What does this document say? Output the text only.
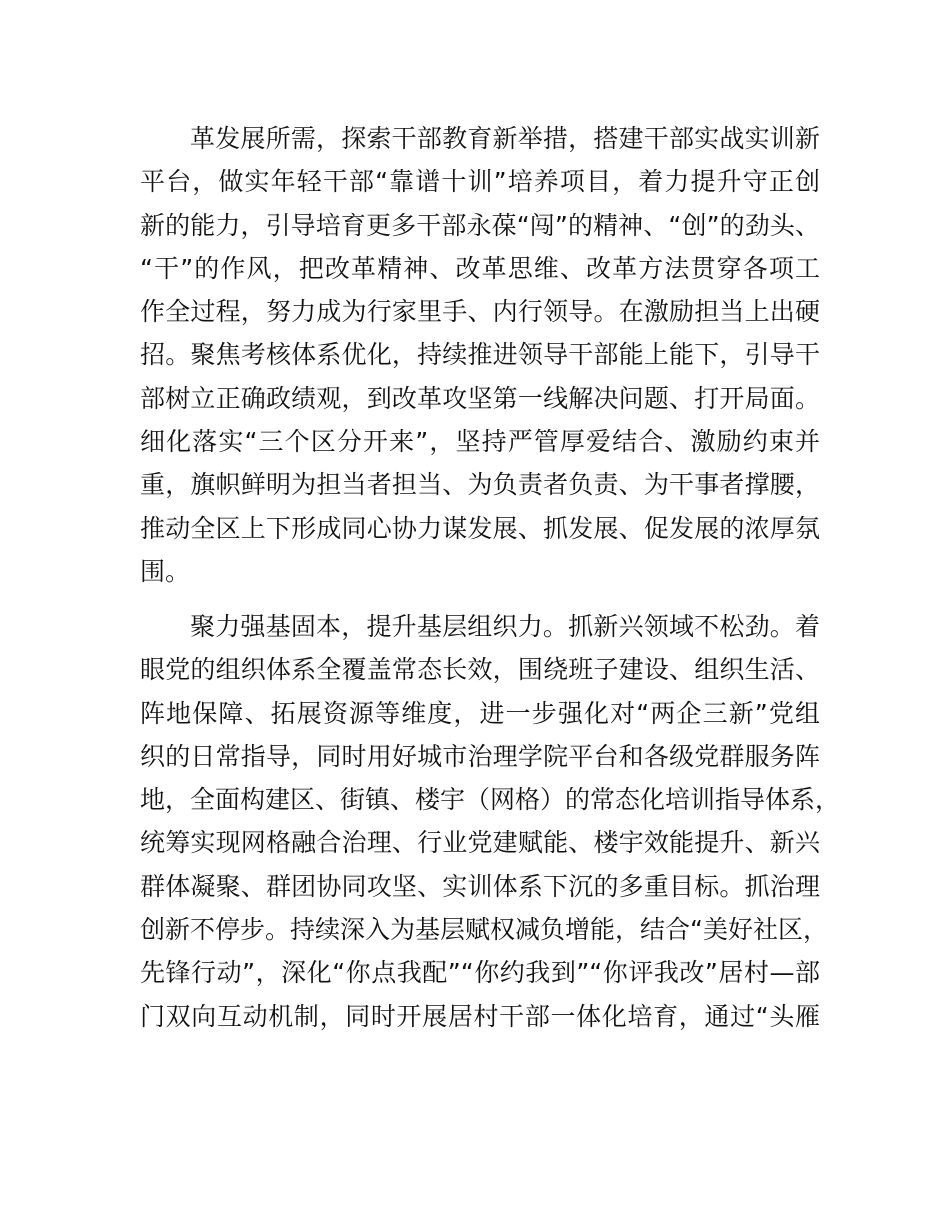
革发展所需，探索干部教育新举措，搭建干部实战实训新
平台，做实年轻干部“靠谱十训”培养项目，着力提升守正创
新的能力，引导培育更多干部永葆“闯”的精神、“创”的劲头、
“干”的作风，把改革精神、改革思维、改革方法贯穿各项工
作全过程，努力成为行家里手、内行领导。在激励担当上出硬
招。聚焦考核体系优化，持续推进领导干部能上能下，引导干
部树立正确政绩观，到改革攻坚第一线解决问题、打开局面。
细化落实“三个区分开来”，坚持严管厚爱结合、激励约束并
重，旗帜鲜明为担当者担当、为负责者负责、为干事者撑腰，
推动全区上下形成同心协力谋发展、抓发展、促发展的浓厚氛
围。
聚力强基固本，提升基层组织力。抓新兴领域不松劲。着
眼党的组织体系全覆盖常态长效，围绕班子建设、组织生活、
阵地保障、拓展资源等维度，进一步强化对“两企三新”党组
织的日常指导，同时用好城市治理学院平台和各级党群服务阵
地，全面构建区、街镇、楼宇（网格）的常态化培训指导体系，
统筹实现网格融合治理、行业党建赋能、楼宇效能提升、新兴
群体凝聚、群团协同攻坚、实训体系下沉的多重目标。抓治理
创新不停步。持续深入为基层赋权减负增能，结合“美好社区，
先锋行动”，深化“你点我配”“你约我到”“你评我改”居村—部
门双向互动机制，同时开展居村干部一体化培育，通过“头雁
